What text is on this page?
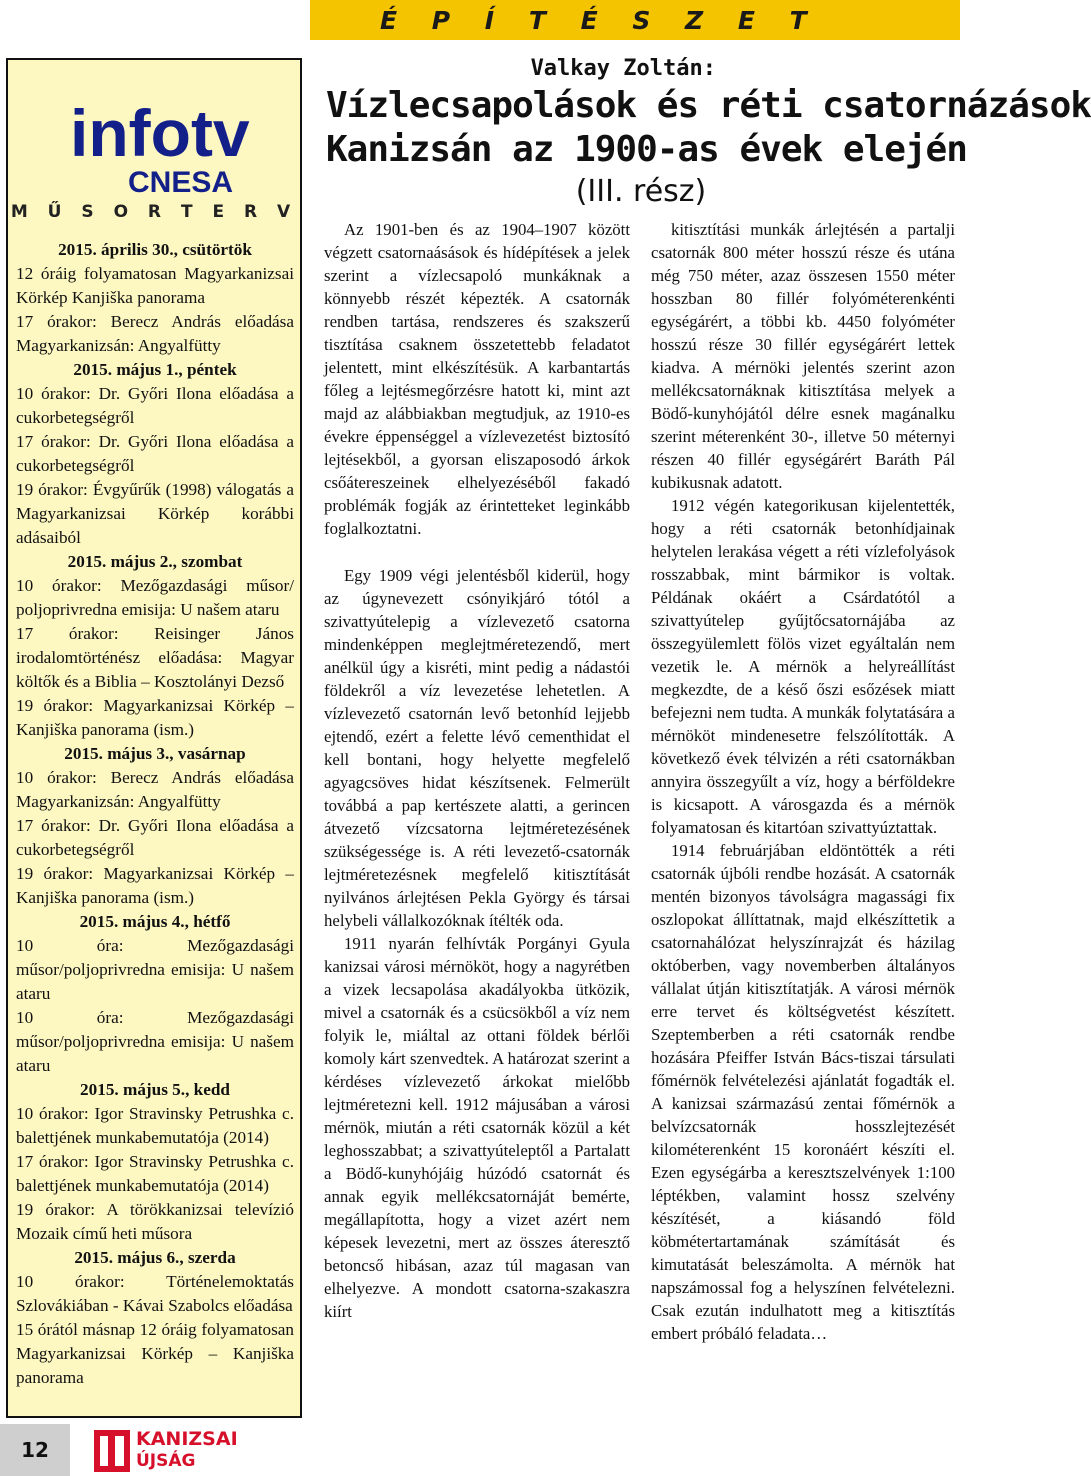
É P Í T É S Z E T
infotv
CNESA
M Ű S O R T E R V
2015. április 30., csütörtök
12 óráig folyamatosan Magyarkanizsai Körkép Kanjiška panorama
17 órakor: Berecz András előadása Magyarkanizsán: Angyalfütty
2015. május 1., péntek
10 órakor: Dr. Győri Ilona előadása a cukorbetegségről
17 órakor: Dr. Győri Ilona előadása a cukorbetegségről
19 órakor: Évgyűrűk (1998) válogatás a Magyarkanizsai Körkép korábbi adásaiból
2015. május 2., szombat
10 órakor: Mezőgazdasági műsor/ poljoprivredna emisija: U našem ataru
17 órakor: Reisinger János irodalomtörténész előadása: Magyar költők és a Biblia – Kosztolányi Dezső
19 órakor: Magyarkanizsai Körkép – Kanjiška panorama (ism.)
2015. május 3., vasárnap
10 órakor: Berecz András előadása Magyarkanizsán: Angyalfütty
17 órakor: Dr. Győri Ilona előadása a cukorbetegségről
19 órakor: Magyarkanizsai Körkép – Kanjiška panorama (ism.)
2015. május 4., hétfő
10 óra: Mezőgazdasági műsor/poljoprivredna emisija: U našem ataru
10 óra: Mezőgazdasági műsor/poljoprivredna emisija: U našem ataru
2015. május 5., kedd
10 órakor: Igor Stravinsky Petrushka c. balettjének munkabemutatója (2014)
17 órakor: Igor Stravinsky Petrushka c. balettjének munkabemutatója (2014)
19 órakor: A törökkanizsai televízió Mozaik című heti műsora
2015. május 6., szerda
10 órakor: Történelemoktatás Szlovákiában - Kávai Szabolcs előadása
15 órától másnap 12 óráig folyamatosan Magyarkanizsai Körkép – Kanjiška panorama
12	KANIZSAI
ÚJSÁG
Valkay Zoltán:
Vízlecsapolások és réti csatornázások
Kanizsán az 1900-as évek elején
(III. rész)

Az 1901-ben és az 1904–1907 között végzett csatornaásások és hídépítések a jelek szerint a vízlecsapoló munkáknak a könnyebb részét képezték. A csatornák rendben tartása, rendszeres és szakszerű tisztítása csaknem összetettebb feladatot jelentett, mint elkészítésük. A karbantartás főleg a lejtésmegőrzésre hatott ki, mint azt majd az alábbiakban megtudjuk, az 1910-es évekre éppenséggel a vízlevezetést biztosító lejtésekből, a gyorsan eliszaposodó árkok csőátereszeinek elhelyezéséből fakadó problémák fogják az érintetteket leginkább foglalkoztatni.

Egy 1909 végi jelentésből kiderül, hogy az úgynevezett csónyikjáró tótól a szivattyútelepig a vízlevezető csatorna mindenképpen meglejtméretezendő, mert anélkül úgy a kisréti, mint pedig a nádastói földekről a víz levezetése lehetetlen. A vízlevezető csatornán levő betonhíd lejjebb ejtendő, ezért a felette lévő cementhidat el kell bontani, hogy helyette megfelelő agyagcsöves hidat készítsenek. Felmerült továbbá a pap kertészete alatti, a gerincen átvezető vízcsatorna lejtméretezésének szükségessége is. A réti levezető-csatornák lejtméretezésnek megfelelő kitisztítását nyilvános árlejtésen Pekla György és társai helybeli vállalkozóknak ítélték oda.

1911 nyarán felhívták Porgányi Gyula kanizsai városi mérnököt, hogy a nagyrétben a vizek lecsapolása akadályokba ütközik, mivel a csatornák és a csücsökből a víz nem folyik le, miáltal az ottani földek bérlői komoly kárt szenvedtek. A határozat szerint a kérdéses vízlevezető árkokat mielőbb lejtméretezni kell. 1912 májusában a városi mérnök, miután a réti csatornák közül a két leghosszabbat; a szivattyúteleptől a Partalatt a Bödő-kunyhójáig húzódó csatornát és annak egyik mellékcsatornáját bemérte, megállapította, hogy a vizet azért nem képesek levezetni, mert az összes áteresztő betoncső hibásan, azaz túl magasan van elhelyezve. A mondott csatorna-szakaszra kiírt

kitisztítási munkák árlejtésén a partalji csatornák 800 méter hosszú része és utána még 750 méter, azaz összesen 1550 méter hosszban 80 fillér folyóméterenkénti egységárért, a többi kb. 4450 folyóméter hosszú része 30 fillér egységárért lettek kiadva. A mérnöki jelentés szerint azon mellékcsatornáknak kitisztítása melyek a Bödő-kunyhójától délre esnek magánalku szerint méterenként 30-, illetve 50 méternyi részen 40 fillér egységárért Baráth Pál kubikusnak adatott.

1912 végén kategorikusan kijelentették, hogy a réti csatornák betonhídjainak helytelen lerakása végett a réti vízlefolyások rosszabbak, mint bármikor is voltak. Példának okáért a Csárdatótól a szivattyútelep gyűjtőcsatornájába az összegyülemlett fölös vizet egyáltalán nem vezetik le. A mérnök a helyreállítást megkezdte, de a késő őszi esőzések miatt befejezni nem tudta. A munkák folytatására a mérnököt mindenesetre felszólították. A következő évek télvizén a réti csatornákban annyira összegyűlt a víz, hogy a bérföldekre is kicsapott. A városgazda és a mérnök folyamatosan és kitartóan szivattyúztattak.

1914 februárjában eldöntötték a réti csatornák újbóli rendbe hozását. A csatornák mentén bizonyos távolságra magassági fix oszlopokat állíttatnak, majd elkészíttetik a csatornahálózat helyszínrajzát és házilag októberben, vagy novemberben általányos vállalat útján kitisztítatják. A városi mérnök erre tervet és költségvetést készített. Szeptemberben a réti csatornák rendbe hozására Pfeiffer István Bács-tiszai társulati főmérnök felvételezési ajánlatát fogadták el. A kanizsai származású zentai főmérnök a belvízcsatornák hosszlejtezését kilométerenként 15 koronáért készíti el. Ezen egységárba a keresztszelvények 1:100 léptékben, valamint hossz szelvény készítését, a kiásandó föld köbmétertartamának számítását és kimutatását beleszámolta. A mérnök hat napszámossal fog a helyszínen felvételezni. Csak ezután indulhatott meg a kitisztítás embert próbáló feladata…
